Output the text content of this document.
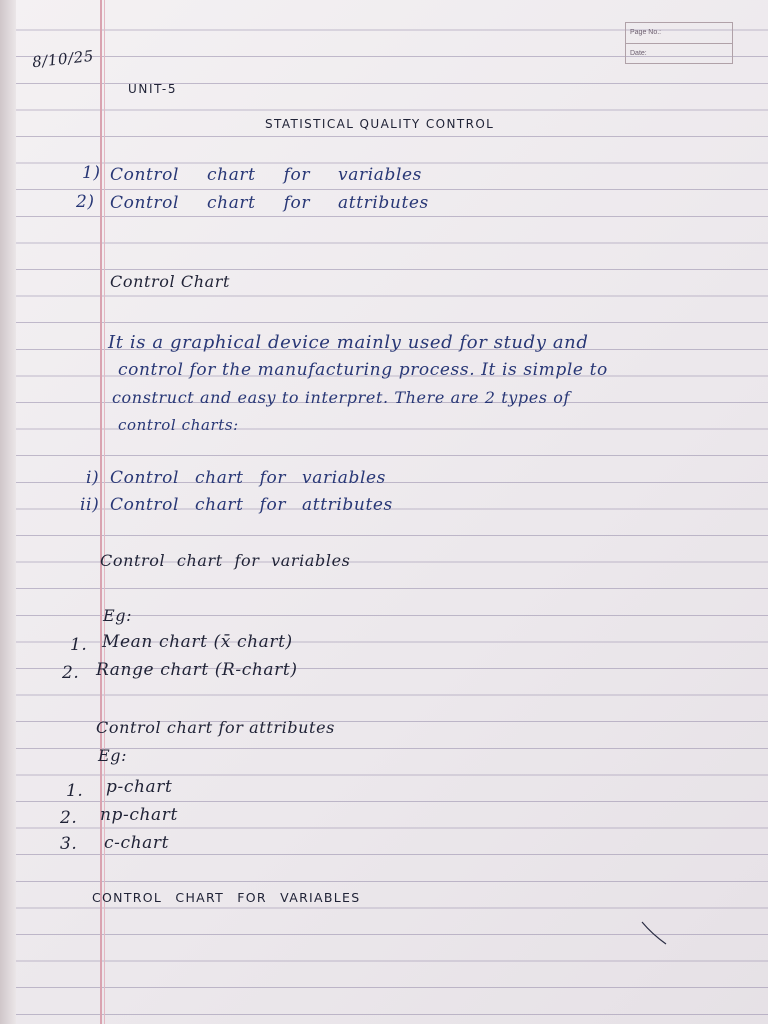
Page No.:
Date:
8/10/25
UNIT-5
STATISTICAL QUALITY CONTROL
1) Control chart for variables
2) Control chart for attributes
Control Chart
It is a graphical device mainly used for study and
control for the manufacturing process. It is simple to
construct and easy to interpret. There are 2 types of
control charts:
i) Control chart for variables
ii) Control chart for attributes
Control chart for variables
Eg:
1. Mean chart (x̄ chart)
2. Range chart (R-chart)
Control chart for attributes
Eg:
1. p-chart
2. np-chart
3. c-chart
CONTROL CHART FOR VARIABLES
